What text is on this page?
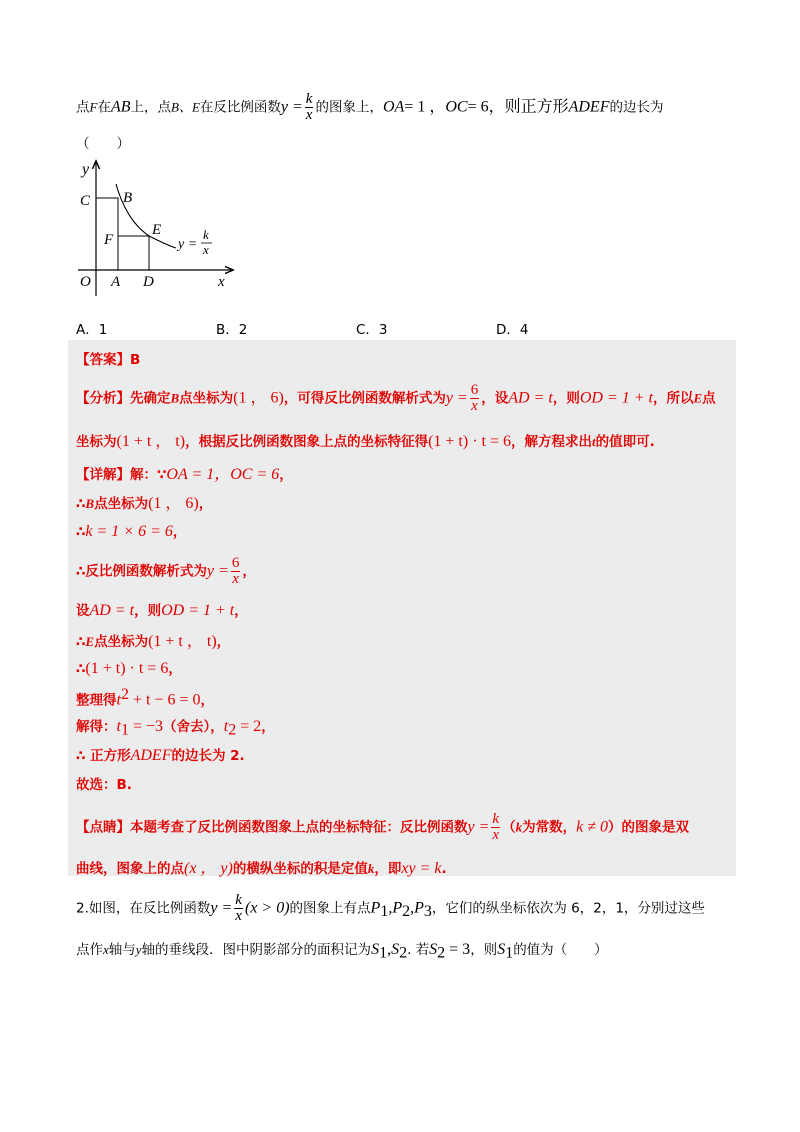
点F在AB上，点B、E在反比例函数$y = \frac{k}{x}$ 的图象上，OA= 1 ，OC= 6，则正方形ADEF的边长为
（　　）
y
C B
F
E
y =
k
x
O A D	x
A．1	B．2	C．3	D．4
【答案】B
【分析】先确定B点坐标为(1 ， 6)，可得反比例函数解析式为$y = \frac{6}{x}$ ，设AD = t，则OD = 1 + t，所以E点
坐标为(1 + t ， t)，根据反比例函数图象上点的坐标特征得(1 + t) · t = 6，解方程求出t的值即可.
【详解】解：∵OA = 1，OC = 6，
∴B点坐标为(1 ， 6)，
∴k = 1 × 6 = 6，
∴反比例函数解析式为$y = \frac{6}{x}$ ，
设AD = t，则OD = 1 + t，
∴E点坐标为(1 + t ， t)，
∴(1 + t) · t = 6，
整理得$t^2 + t - 6 = 0$，
解得：$t_1 = -3$（舍去），$t_2 = 2$，
∴ 正方形ADEF的边长为 2.
故选：B.
【点睛】本题考查了反比例函数图象上点的坐标特征：反比例函数$y = \frac{k}{x} (k$为常数，k ≠ 0）的图象是双
曲线，图象上的点(x ， y)的横纵坐标的积是定值k，即xy = k.
2.如图，在反比例函数$y = \frac{k}{x} (x > 0)$的图象上有点$P_1,P_2,P_3$，它们的纵坐标依次为 6，2，1，分别过这些
点作x轴与y轴的垂线段．图中阴影部分的面积记为$S_1,S_2$. 若$S_2 = 3$，则$S_1$的值为（　　）
